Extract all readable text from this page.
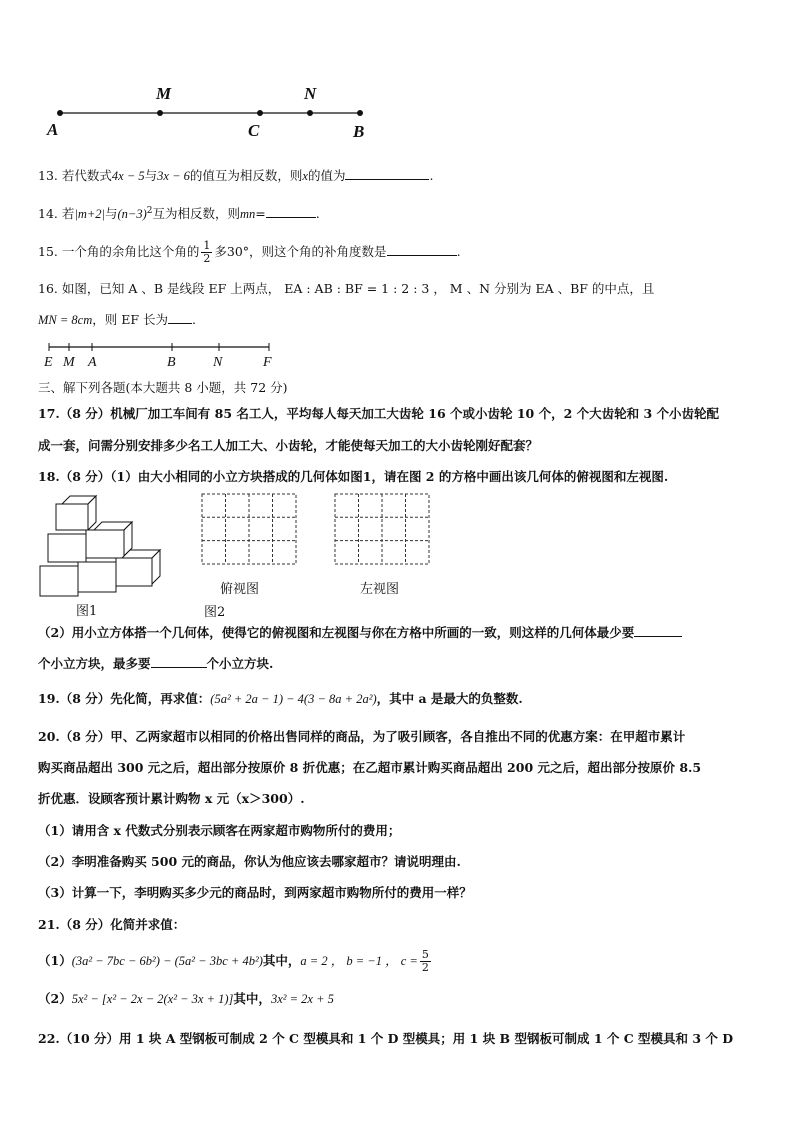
A
M
C
N
B
13. 若代数式4x − 5与3x − 6的值互为相反数，则x的值为	.
14. 若|m+2|与$(n-3)^2$互为相反数，则mn=	.
15. 一个角的余角比这个角的 $\frac{1}{2}$ 多30°，则这个角的补角度数是	.
16. 如图，已知 A 、B 是线段 EF 上两点， EA : AB : BF = 1 : 2 : 3 ， M 、N 分别为 EA 、BF 的中点，且
MN = 8cm，则 EF 长为 .
E M A	B	N	F
三、解下列各题(本大题共 8 小题，共 72 分)
17.（8 分）机械厂加工车间有 85 名工人，平均每人每天加工大齿轮 16 个或小齿轮 10 个，2 个大齿轮和 3 个小齿轮配
成一套，问需分别安排多少名工人加工大、小齿轮，才能使每天加工的大小齿轮刚好配套？
18.（8 分）（1）由大小相同的小立方块搭成的几何体如图1，请在图 2 的方格中画出该几何体的俯视图和左视图.
图1
俯视图
图2
左视图
（2）用小立方体搭一个几何体，使得它的俯视图和左视图与你在方格中所画的一致，则这样的几何体最少要
个小立方块，最多要	个小立方块.
19.（8 分）先化简，再求值：(5a² + 2a − 1) − 4(3 − 8a + 2a²)，其中 a 是最大的负整数.
20.（8 分）甲、乙两家超市以相同的价格出售同样的商品，为了吸引顾客，各自推出不同的优惠方案：在甲超市累计
购买商品超出 300 元之后，超出部分按原价 8 折优惠；在乙超市累计购买商品超出 200 元之后，超出部分按原价 8.5
折优惠．设顾客预计累计购物 x 元（x＞300）.
（1）请用含 x 代数式分别表示顾客在两家超市购物所付的费用；
（2）李明准备购买 500 元的商品，你认为他应该去哪家超市？请说明理由.
（3）计算一下，李明购买多少元的商品时，到两家超市购物所付的费用一样？
21.（8 分）化简并求值：
（1）(3a² − 7bc − 6b²) − (5a² − 3bc + 4b²)其中，a = 2 ， b = −1 ， $c = \frac{5}{2}$
（2）5x² − [x² − 2x − 2(x² − 3x + 1)]其中，3x² = 2x + 5
22.（10 分）用 1 块 A 型钢板可制成 2 个 C 型模具和 1 个 D 型模具；用 1 块 B 型钢板可制成 1 个 C 型模具和 3 个 D
